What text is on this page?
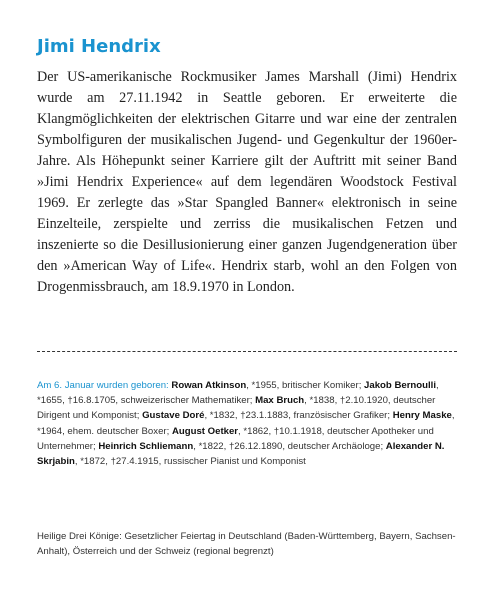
Jimi Hendrix

Der US-amerikanische Rockmusiker James Marshall (Jimi) Hendrix wurde am 27.11.1942 in Seattle geboren. Er erweiterte die Klangmöglichkeiten der elektrischen Gitarre und war eine der zentralen Symbolfiguren der musikalischen Jugend- und Gegenkultur der 1960er-Jahre. Als Höhepunkt seiner Karriere gilt der Auftritt mit seiner Band »Jimi Hendrix Experience« auf dem legendären Woodstock Festival 1969. Er zerlegte das »Star Spangled Banner« elektronisch in seine Einzelteile, zerspielte und zerriss die musikalischen Fetzen und inszenierte so die Desillusionierung einer ganzen Jugendgeneration über den »American Way of Life«. Hendrix starb, wohl an den Folgen von Drogenmissbrauch, am 18.9.1970 in London.

Am 6. Januar wurden geboren: Rowan Atkinson, *1955, britischer Komiker; Jakob Bernoulli, *1655, †16.8.1705, schweizerischer Mathematiker; Max Bruch, *1838, †2.10.1920, deutscher Dirigent und Komponist; Gustave Doré, *1832, †23.1.1883, französischer Grafiker; Henry Maske, *1964, ehem. deutscher Boxer; August Oetker, *1862, †10.1.1918, deutscher Apotheker und Unternehmer; Heinrich Schliemann, *1822, †26.12.1890, deutscher Archäologe; Alexander N. Skrjabin, *1872, †27.4.1915, russischer Pianist und Komponist

Heilige Drei Könige: Gesetzlicher Feiertag in Deutschland (Baden-Württemberg, Bayern, Sachsen-Anhalt), Österreich und der Schweiz (regional begrenzt)
